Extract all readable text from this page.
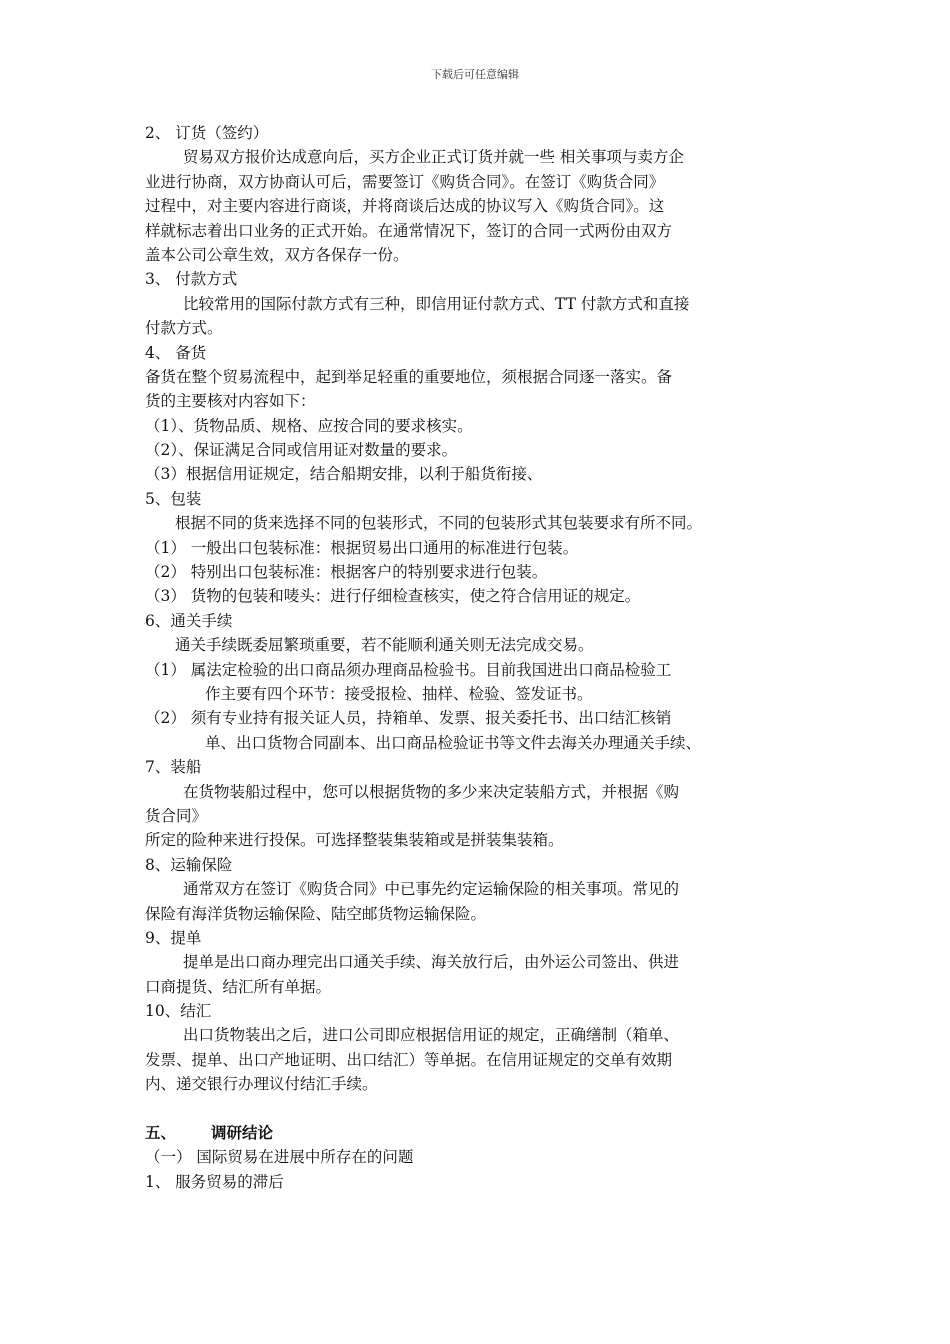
下载后可任意编辑
2、 订货（签约）
贸易双方报价达成意向后，买方企业正式订货并就一些 相关事项与卖方企
业进行协商，双方协商认可后，需要签订《购货合同》。在签订《购货合同》
过程中，对主要内容进行商谈，并将商谈后达成的协议写入《购货合同》。这
样就标志着出口业务的正式开始。在通常情况下，签订的合同一式两份由双方
盖本公司公章生效，双方各保存一份。
3、 付款方式
比较常用的国际付款方式有三种，即信用证付款方式、TT 付款方式和直接
付款方式。
4、 备货
备货在整个贸易流程中，起到举足轻重的重要地位，须根据合同逐一落实。备
货的主要核对内容如下：
（1）、货物品质、规格、应按合同的要求核实。
（2）、保证满足合同或信用证对数量的要求。
（3）根据信用证规定，结合船期安排，以利于船货衔接、
5、包装
根据不同的货来选择不同的包装形式，不同的包装形式其包装要求有所不同。
（1） 一般出口包装标准：根据贸易出口通用的标准进行包装。
（2） 特别出口包装标准：根据客户的特别要求进行包装。
（3） 货物的包装和唛头：进行仔细检查核实，使之符合信用证的规定。
6、通关手续
通关手续既委屈繁琐重要，若不能顺利通关则无法完成交易。
（1） 属法定检验的出口商品须办理商品检验书。目前我国进出口商品检验工
作主要有四个环节：接受报检、抽样、检验、签发证书。
（2） 须有专业持有报关证人员，持箱单、发票、报关委托书、出口结汇核销
单、出口货物合同副本、出口商品检验证书等文件去海关办理通关手续、
7、装船
在货物装船过程中，您可以根据货物的多少来决定装船方式，并根据《购
货合同》
所定的险种来进行投保。可选择整装集装箱或是拼装集装箱。
8、运输保险
通常双方在签订《购货合同》中已事先约定运输保险的相关事项。常见的
保险有海洋货物运输保险、陆空邮货物运输保险。
9、提单
提单是出口商办理完出口通关手续、海关放行后，由外运公司签出、供进
口商提货、结汇所有单据。
10、结汇
出口货物装出之后，进口公司即应根据信用证的规定，正确缮制（箱单、
发票、提单、出口产地证明、出口结汇）等单据。在信用证规定的交单有效期
内、递交银行办理议付结汇手续。
五、 调研结论
（一） 国际贸易在进展中所存在的问题
1、 服务贸易的滞后
